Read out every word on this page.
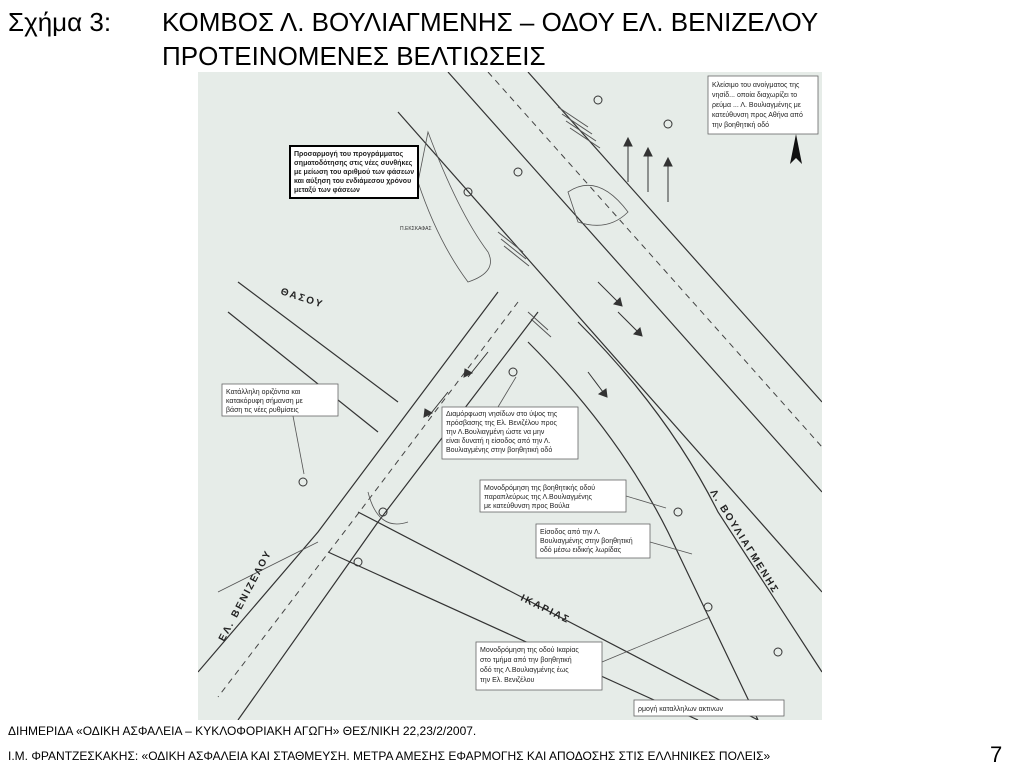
Σχήμα 3: ΚΟΜΒΟΣ Λ. ΒΟΥΛΙΑΓΜΕΝΗΣ – ΟΔΟΥ ΕΛ. ΒΕΝΙΖΕΛΟΥ
ΠΡΟΤΕΙΝΟΜΕΝΕΣ ΒΕΛΤΙΩΣΕΙΣ
ΘΑΣΟΥ
ΕΛ. ΒΕΝΙΖΕΛΟΥ	Λ. ΒΟΥΛΙΑΓΜΕΝΗΣ
ΙΚΑΡΙΑΣ
Π.ΕΚΣΚΑΦΑΣ
Προσαρμογή του προγράμματος
σηματοδότησης στις νέες συνθήκες
με μείωση του αριθμού των φάσεων
και αύξηση του ενδιάμεσου χρόνου
μεταξύ των φάσεων
Κλείσιμο του ανοίγματος της
νησίδ... οποία διαχωρίζει το
ρεύμα ... Λ. Βουλιαγμένης με
κατεύθυνση προς Αθήνα από
την βοηθητική οδό
Κατάλληλη οριζόντια και
κατακόρυφη σήμανση με
βάση τις νέες ρυθμίσεις
Διαμόρφωση νησίδων στο ύψος της
πρόσβασης της Ελ. Βενιζέλου προς
την Λ.Βουλιαγμένη ώστε να μην
είναι δυνατή η είσοδος από την Λ.
Βουλιαγμένης στην βοηθητική οδό
Μονοδρόμηση της βοηθητικής οδού
παραπλεύρως της Λ.Βουλιαγμένης
με κατεύθυνση προς Βούλα
Είσοδος από την Λ.
Βουλιαγμένης στην βοηθητική
οδό μέσω ειδικής λωρίδας
Μονοδρόμηση της οδού Ικαρίας
στο τμήμα από την βοηθητική
οδό της Λ.Βουλιαγμένης έως
την Ελ. Βενιζέλου
ρμογή καταλληλων ακτινων
ΔΙΗΜΕΡΙΔΑ «ΟΔΙΚΗ ΑΣΦΑΛΕΙΑ – ΚΥΚΛΟΦΟΡΙΑΚΗ ΑΓΩΓΗ» ΘΕΣ/ΝΙΚΗ 22,23/2/2007.
Ι.Μ. ΦΡΑΝΤΖΕΣΚΑΚΗΣ: «ΟΔΙΚΗ ΑΣΦΑΛΕΙΑ ΚΑΙ ΣΤΑΘΜΕΥΣΗ. ΜΕΤΡΑ ΑΜΕΣΗΣ ΕΦΑΡΜΟΓΗΣ ΚΑΙ ΑΠΟΔΟΣΗΣ ΣΤΙΣ ΕΛΛΗΝΙΚΕΣ ΠΟΛΕΙΣ»	7
